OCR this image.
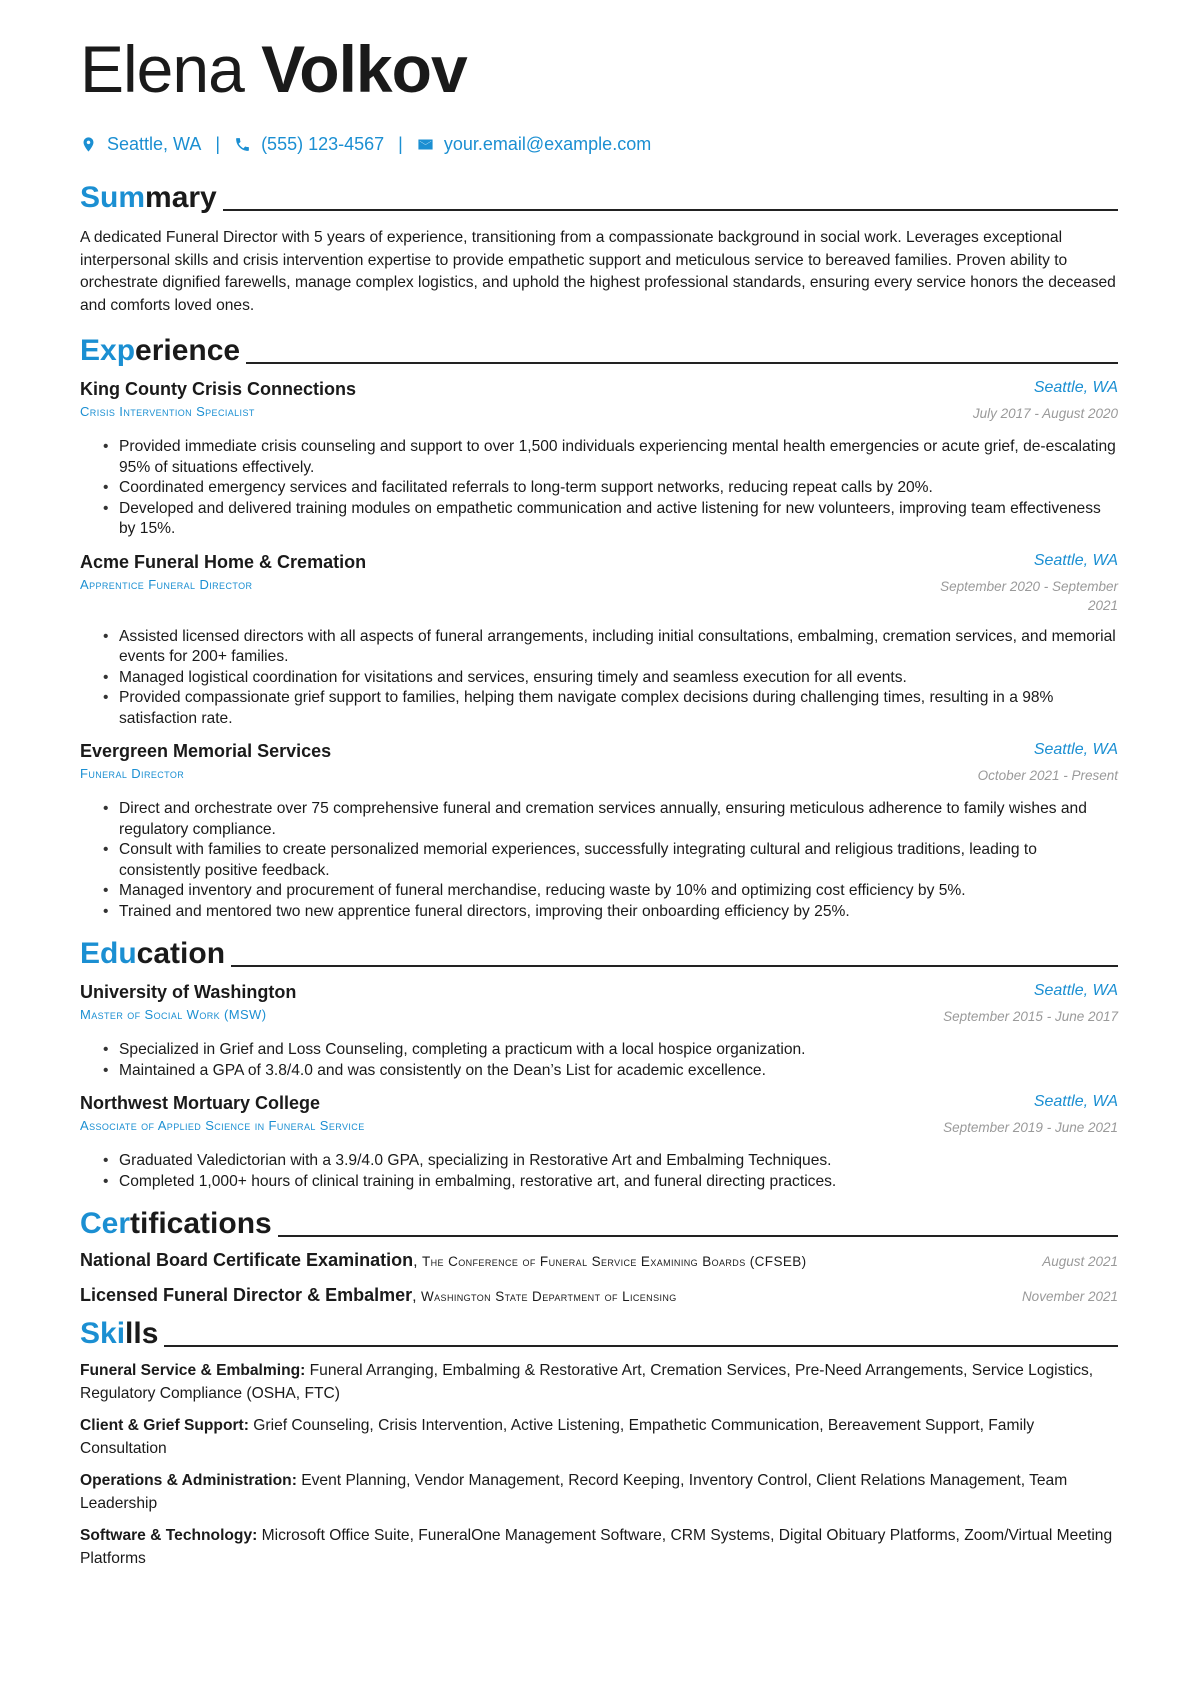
Elena Volkov
Seattle, WA | (555) 123-4567 | your.email@example.com
Summary

A dedicated Funeral Director with 5 years of experience, transitioning from a compassionate background in social work. Leverages exceptional interpersonal skills and crisis intervention expertise to provide empathetic support and meticulous service to bereaved families. Proven ability to orchestrate dignified farewells, manage complex logistics, and uphold the highest professional standards, ensuring every service honors the deceased and comforts loved ones.

Experience
King County Crisis Connections	Seattle, WA
Crisis Intervention Specialist	July 2017 - August 2020
• Provided immediate crisis counseling and support to over 1,500 individuals experiencing mental health emergencies or acute grief, de-escalating 95% of situations effectively.
• Coordinated emergency services and facilitated referrals to long-term support networks, reducing repeat calls by 20%.
• Developed and delivered training modules on empathetic communication and active listening for new volunteers, improving team effectiveness by 15%.
Acme Funeral Home & Cremation	Seattle, WA
Apprentice Funeral Director	September 2020 - September 2021
• Assisted licensed directors with all aspects of funeral arrangements, including initial consultations, embalming, cremation services, and memorial events for 200+ families.
• Managed logistical coordination for visitations and services, ensuring timely and seamless execution for all events.
• Provided compassionate grief support to families, helping them navigate complex decisions during challenging times, resulting in a 98% satisfaction rate.
Evergreen Memorial Services	Seattle, WA
Funeral Director	October 2021 - Present
• Direct and orchestrate over 75 comprehensive funeral and cremation services annually, ensuring meticulous adherence to family wishes and regulatory compliance.
• Consult with families to create personalized memorial experiences, successfully integrating cultural and religious traditions, leading to consistently positive feedback.
• Managed inventory and procurement of funeral merchandise, reducing waste by 10% and optimizing cost efficiency by 5%.
• Trained and mentored two new apprentice funeral directors, improving their onboarding efficiency by 25%.
Education
University of Washington	Seattle, WA
Master of Social Work (MSW)	September 2015 - June 2017
• Specialized in Grief and Loss Counseling, completing a practicum with a local hospice organization.
• Maintained a GPA of 3.8/4.0 and was consistently on the Dean’s List for academic excellence.
Northwest Mortuary College	Seattle, WA
Associate of Applied Science in Funeral Service	September 2019 - June 2021
• Graduated Valedictorian with a 3.9/4.0 GPA, specializing in Restorative Art and Embalming Techniques.
• Completed 1,000+ hours of clinical training in embalming, restorative art, and funeral directing practices.
Certifications
National Board Certificate Examination, The Conference of Funeral Service Examining Boards (CFSEB)	August 2021
Licensed Funeral Director & Embalmer, Washington State Department of Licensing	November 2021
Skills
Funeral Service & Embalming: Funeral Arranging, Embalming & Restorative Art, Cremation Services, Pre-Need Arrangements, Service Logistics, Regulatory Compliance (OSHA, FTC)
Client & Grief Support: Grief Counseling, Crisis Intervention, Active Listening, Empathetic Communication, Bereavement Support, Family Consultation
Operations & Administration: Event Planning, Vendor Management, Record Keeping, Inventory Control, Client Relations Management, Team Leadership
Software & Technology: Microsoft Office Suite, FuneralOne Management Software, CRM Systems, Digital Obituary Platforms, Zoom/Virtual Meeting Platforms
